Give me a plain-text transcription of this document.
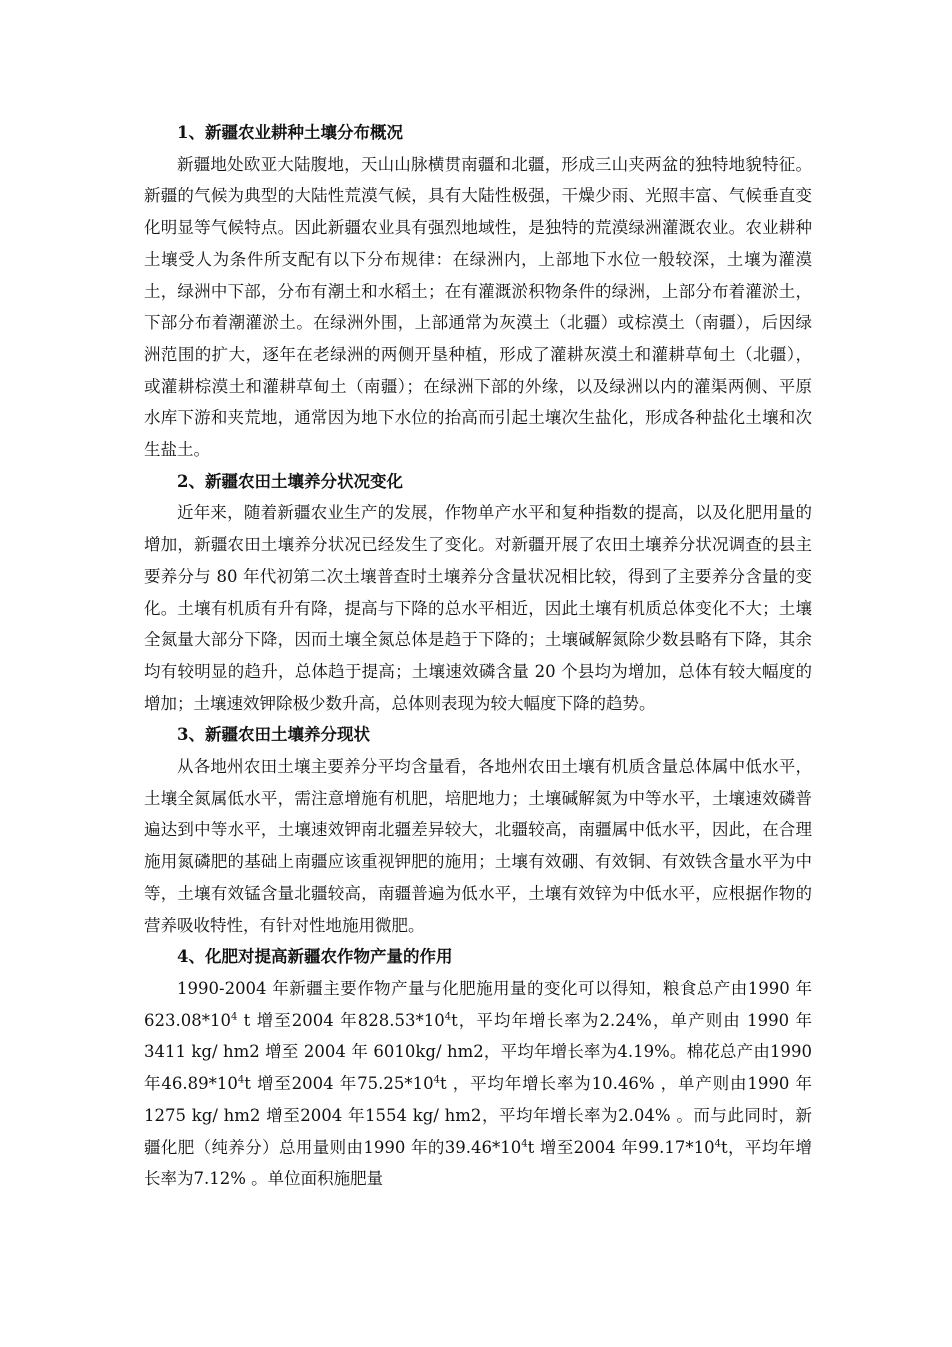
1、新疆农业耕种土壤分布概况

新疆地处欧亚大陆腹地，天山山脉横贯南疆和北疆，形成三山夹两盆的独特地貌特征。新疆的气候为典型的大陆性荒漠气候，具有大陆性极强，干燥少雨、光照丰富、气候垂直变化明显等气候特点。因此新疆农业具有强烈地域性，是独特的荒漠绿洲灌溉农业。农业耕种土壤受人为条件所支配有以下分布规律：在绿洲内，上部地下水位一般较深，土壤为灌漠土，绿洲中下部，分布有潮土和水稻土；在有灌溉淤积物条件的绿洲，上部分布着灌淤土，下部分布着潮灌淤土。在绿洲外围，上部通常为灰漠土（北疆）或棕漠土（南疆），后因绿洲范围的扩大，逐年在老绿洲的两侧开垦种植，形成了灌耕灰漠土和灌耕草甸土（北疆），或灌耕棕漠土和灌耕草甸土（南疆）；在绿洲下部的外缘，以及绿洲以内的灌渠两侧、平原水库下游和夹荒地，通常因为地下水位的抬高而引起土壤次生盐化，形成各种盐化土壤和次生盐土。

2、新疆农田土壤养分状况变化

近年来，随着新疆农业生产的发展，作物单产水平和复种指数的提高，以及化肥用量的增加，新疆农田土壤养分状况已经发生了变化。对新疆开展了农田土壤养分状况调查的县主要养分与 80 年代初第二次土壤普查时土壤养分含量状况相比较，得到了主要养分含量的变化。土壤有机质有升有降，提高与下降的总水平相近，因此土壤有机质总体变化不大；土壤全氮量大部分下降，因而土壤全氮总体是趋于下降的；土壤碱解氮除少数县略有下降，其余均有较明显的趋升，总体趋于提高；土壤速效磷含量 20 个县均为增加，总体有较大幅度的增加；土壤速效钾除极少数升高，总体则表现为较大幅度下降的趋势。

3、新疆农田土壤养分现状

从各地州农田土壤主要养分平均含量看，各地州农田土壤有机质含量总体属中低水平，土壤全氮属低水平，需注意增施有机肥，培肥地力；土壤碱解氮为中等水平，土壤速效磷普遍达到中等水平，土壤速效钾南北疆差异较大，北疆较高，南疆属中低水平，因此，在合理施用氮磷肥的基础上南疆应该重视钾肥的施用；土壤有效硼、有效铜、有效铁含量水平为中等，土壤有效锰含量北疆较高，南疆普遍为低水平，土壤有效锌为中低水平，应根据作物的营养吸收特性，有针对性地施用微肥。

4、化肥对提高新疆农作物产量的作用

1990-2004 年新疆主要作物产量与化肥施用量的变化可以得知，粮食总产由1990 年$623.08*10^4$ t 增至2004 年$828.53*10^4t$，平均年增长率为2.24%，单产则由 1990 年 3411 kg/ hm2 增至 2004 年 6010kg/ hm2，平均年增长率为4.19%。棉花总产由1990 年$46.89*10^4t$ 增至2004 年$75.25*10^4t$ ，平均年增长率为10.46% ，单产则由1990 年1275 kg/ hm2 增至2004 年1554 kg/ hm2，平均年增长率为2.04% 。而与此同时，新疆化肥（纯养分）总用量则由1990 年的$39.46*10^4t$ 增至2004 年$99.17*10^4t$，平均年增长率为7.12% 。单位面积施肥量
